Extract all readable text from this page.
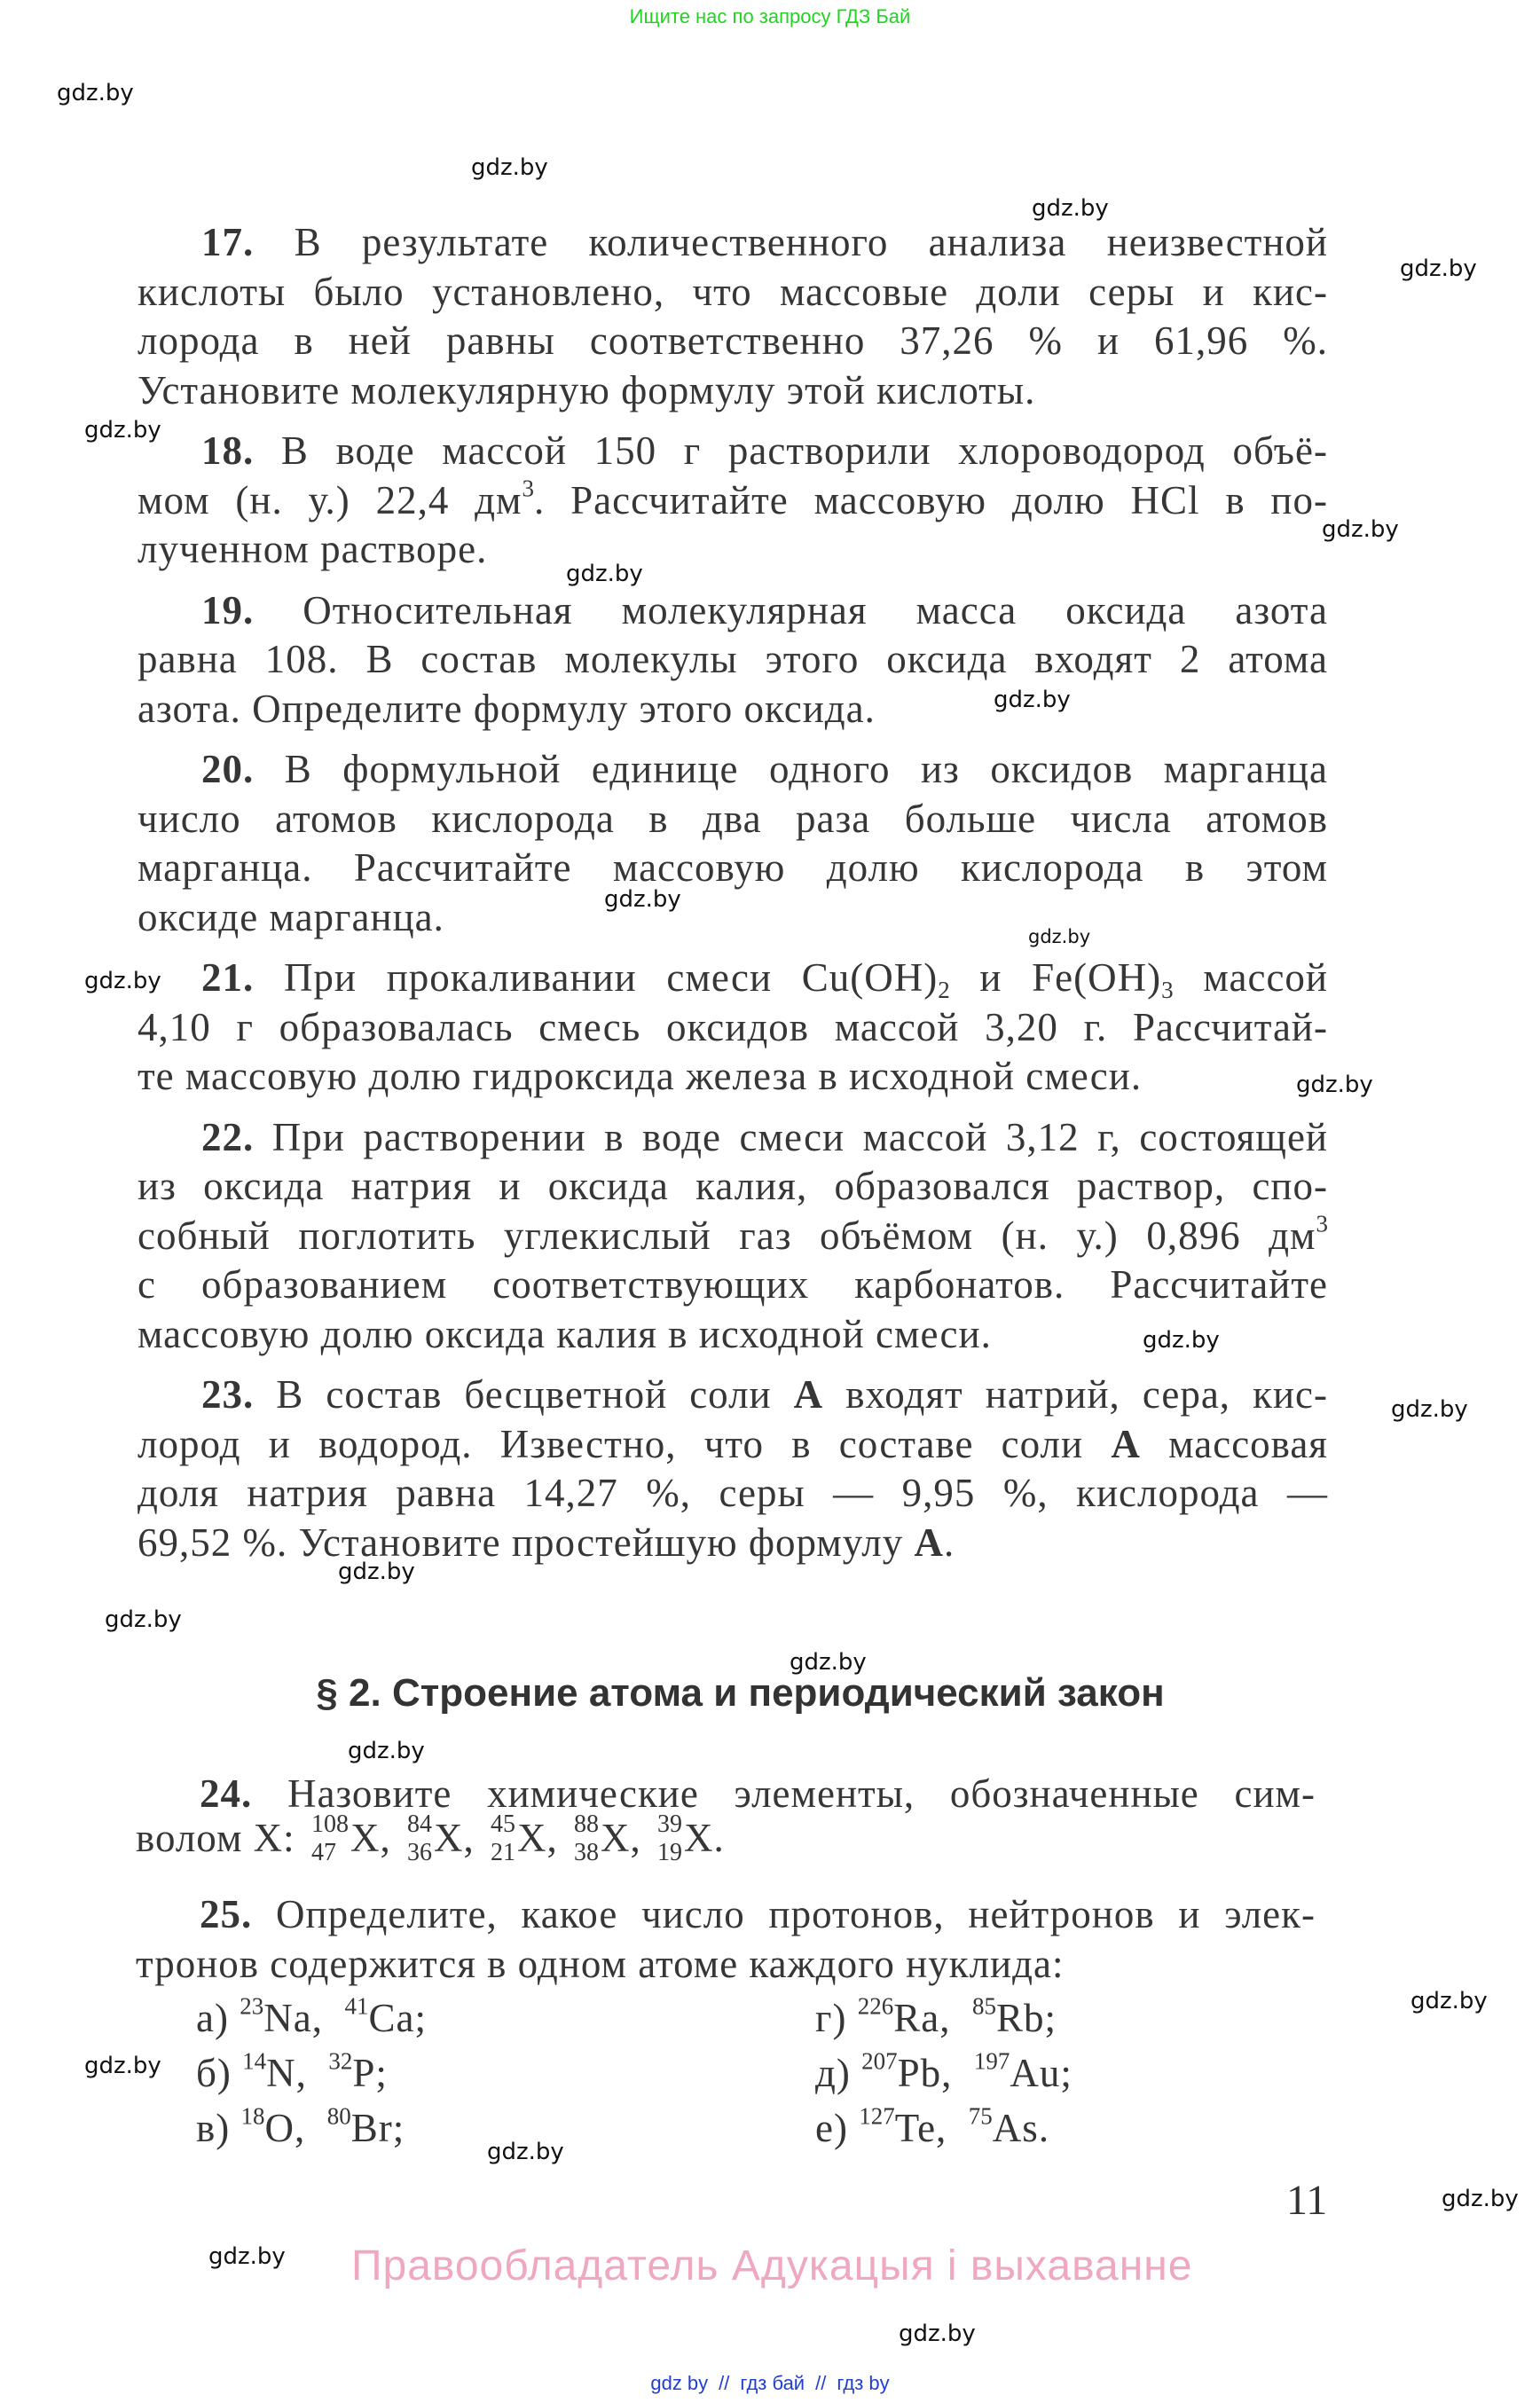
Ищите нас по запросу ГДЗ Бай
17. В результате количественного анализа неизвестной
кислоты было установлено, что массовые доли серы и кис-
лорода в ней равны соответственно 37,26 % и 61,96 %.
Установите молекулярную формулу этой кислоты.
18. В воде массой 150 г растворили хлороводород объё-
мом (н. у.) 22,4 $дм^3$. Рассчитайте массовую долю HCl в по-
лученном растворе.
19. Относительная молекулярная масса оксида азота
равна 108. В состав молекулы этого оксида входят 2 атома
азота. Определите формулу этого оксида.
20. В формульной единице одного из оксидов марганца
число атомов кислорода в два раза больше числа атомов
марганца. Рассчитайте массовую долю кислорода в этом
оксиде марганца.
21. При прокаливании смеси $Cu(OH)_2$ и $Fe(OH)_3$ массой
4,10 г образовалась смесь оксидов массой 3,20 г. Рассчитай-
те массовую долю гидроксида железа в исходной смеси.
22. При растворении в воде смеси массой 3,12 г, состоящей
из оксида натрия и оксида калия, образовался раствор, спо-
собный поглотить углекислый газ объёмом (н. у.) 0,896 $дм^3$
с образованием соответствующих карбонатов. Рассчитайте
массовую долю оксида калия в исходной смеси.
23. В состав бесцветной соли А входят натрий, сера, кис-
лород и водород. Известно, что в составе соли А массовая
доля натрия равна 14,27 %, серы — 9,95 %, кислорода —
69,52 %. Установите простейшую формулу А.
§ 2. Строение атома и периодический закон
24. Назовите химические элементы, обозначенные сим-
волом X: 108
47 X, 84
36 X, 45
21 X, 88
38 X, 39
19 X.
25. Определите, какое число протонов, нейтронов и элек-
тронов содержится в одном атоме каждого нуклида:
а) $^{23}$Na, $^{41}$Ca;
б) $^{14}$N, $^{32}$P;
в) $^{18}$O, $^{80}$Br;
г) $^{226}$Ra, $^{85}$Rb;
д) $^{207}$Pb, $^{197}$Au;
е) $^{127}$Te, $^{75}$As.
11
Правообладатель Адукацыя і выхаванне
gdz by // гдз бай // гдз by
gdz.by
gdz.by
gdz.by
gdz.by
gdz.by
gdz.by
gdz.by
gdz.by
gdz.by
gdz.by
gdz.by
gdz.by
gdz.by
gdz.by
gdz.by
gdz.by
gdz.by
gdz.by
gdz.by
gdz.by
gdz.by
gdz.by
gdz.by
gdz.by
